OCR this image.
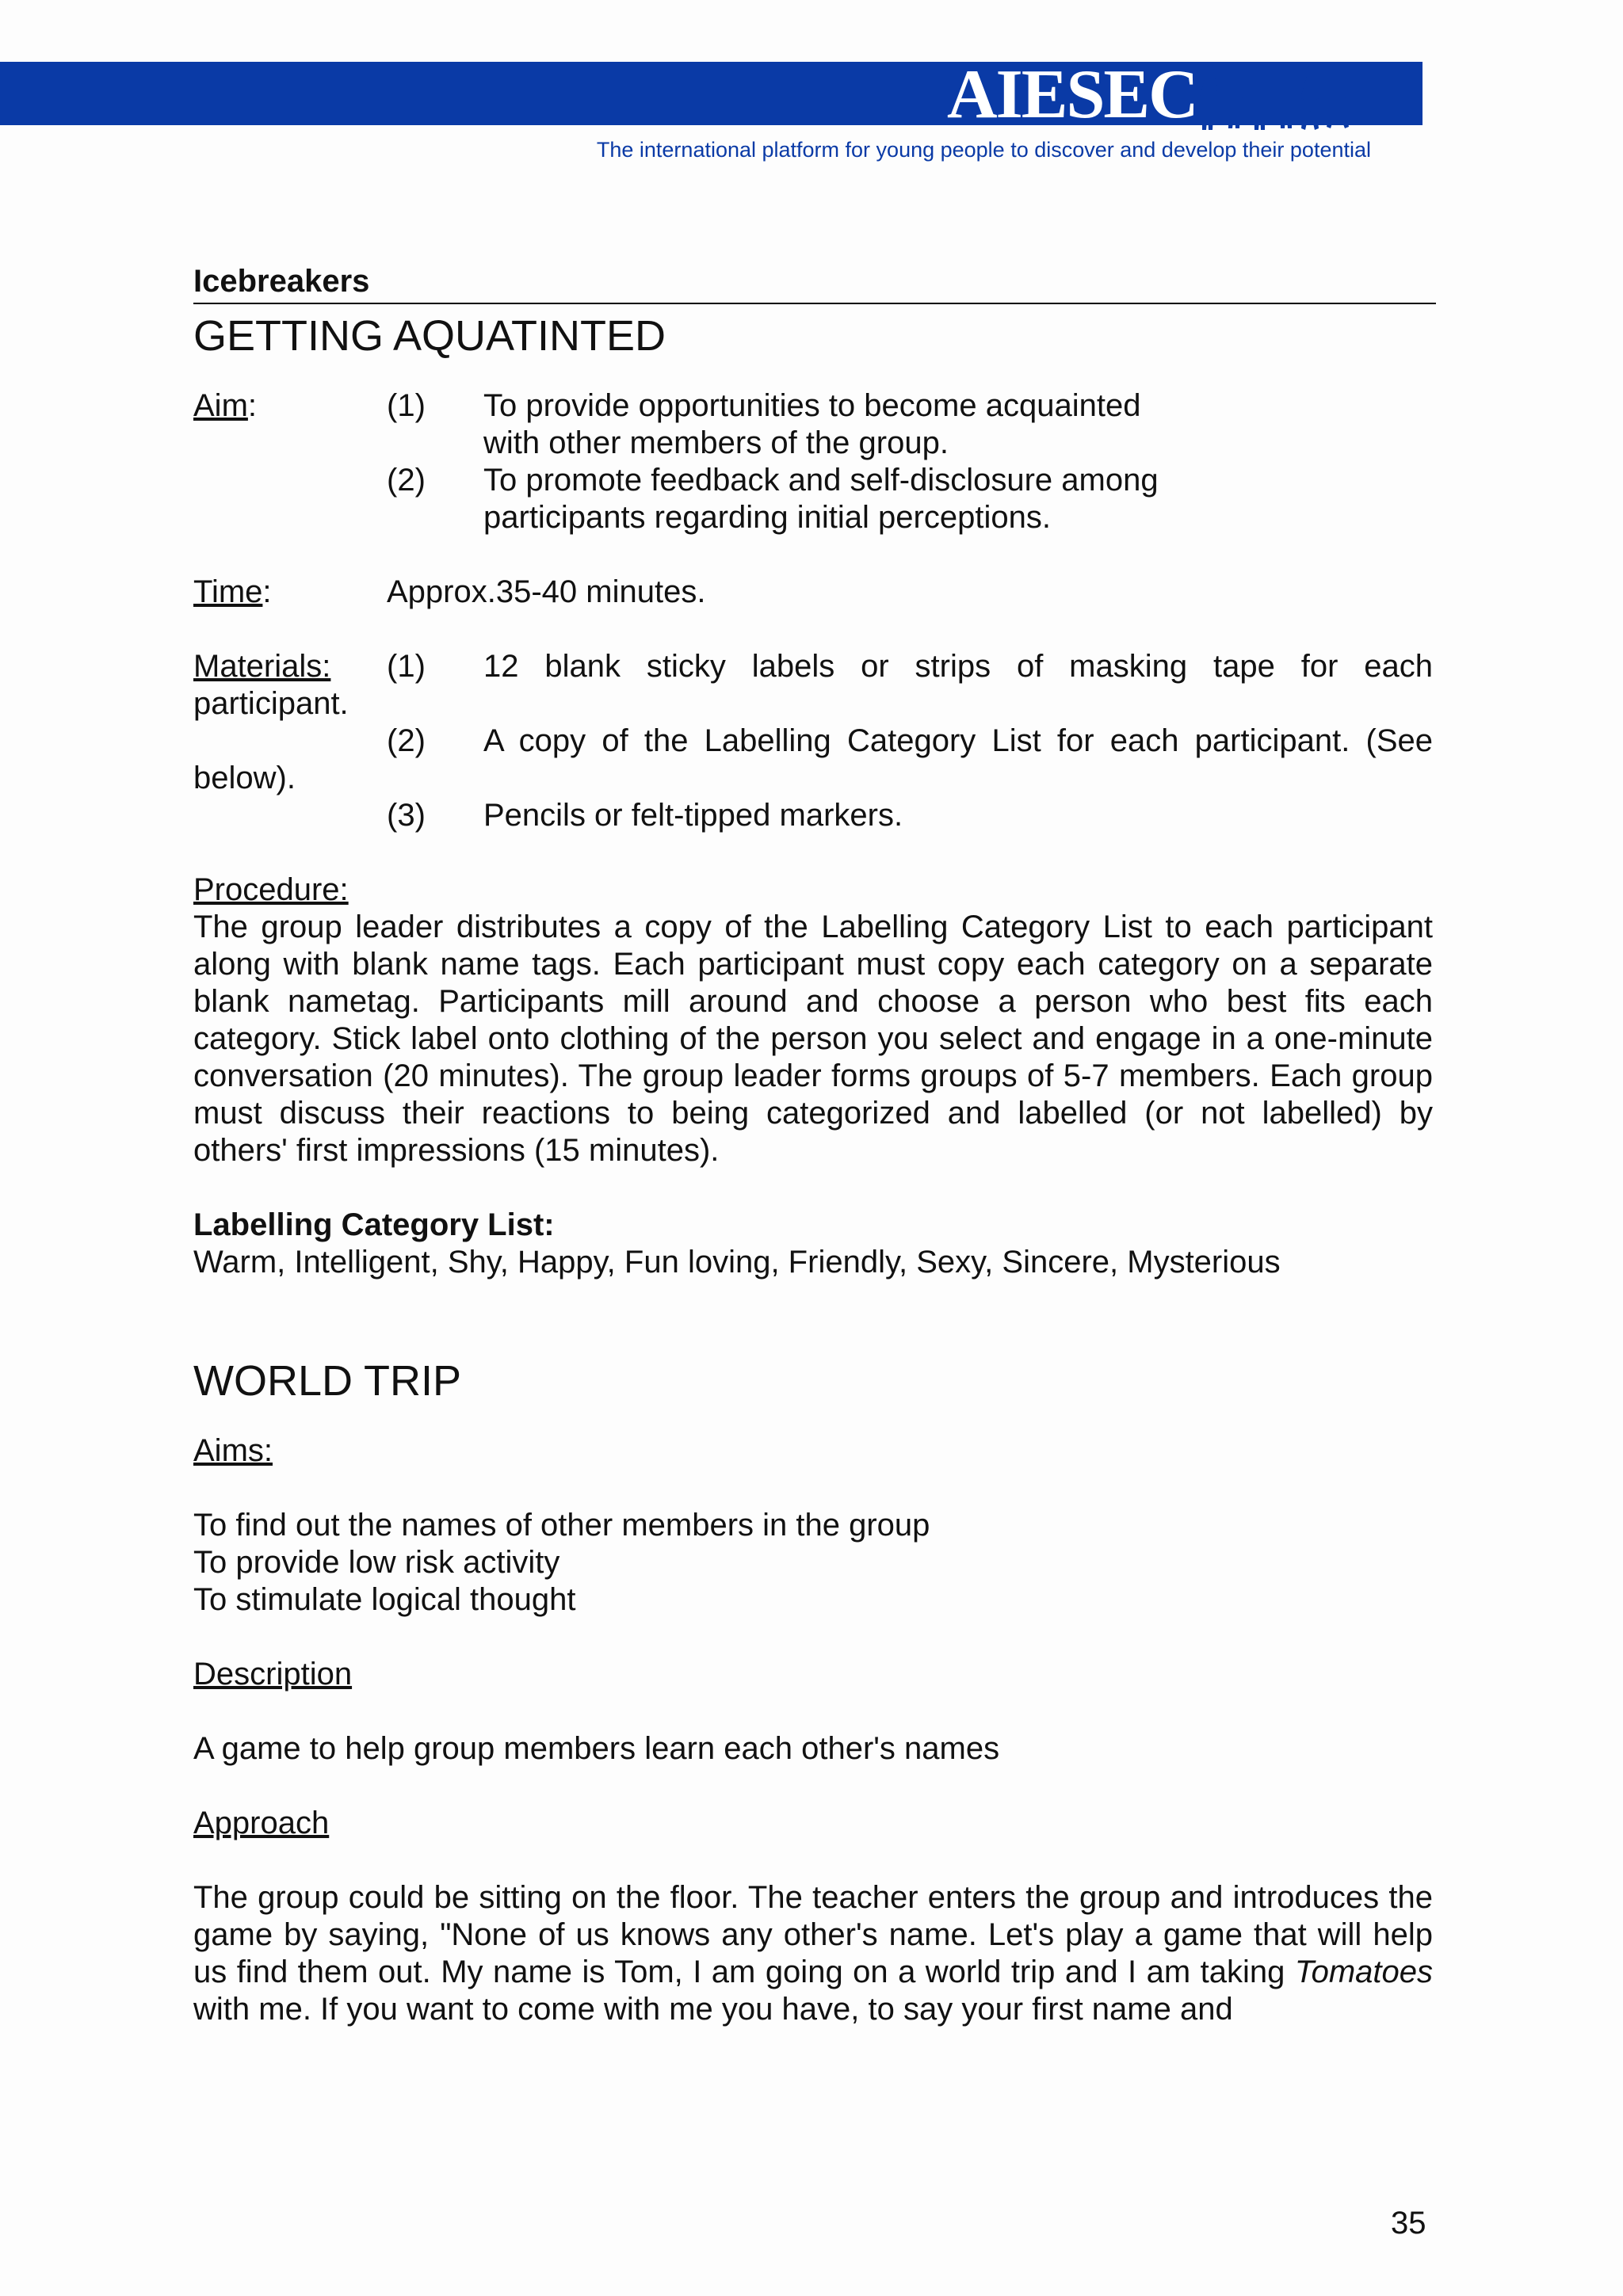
AIESEC
The international platform for young people to discover and develop their potential
Icebreakers
GETTING AQUATINTED
Aim:	(1) To provide opportunities to become acquainted
with other members of the group.
(2) To promote feedback and self-disclosure among
participants regarding initial perceptions.
Time:	Approx.35-40 minutes.
Materials: (1) 12 blank sticky labels or strips of masking tape for each
participant.
(2) A copy of the Labelling Category List for each participant. (See
below).
(3) Pencils or felt-tipped markers.
Procedure:

The group leader distributes a copy of the Labelling Category List to each participant along with blank name tags. Each participant must copy each category on a separate blank nametag. Participants mill around and choose a person who best fits each category. Stick label onto clothing of the person you select and engage in a one-minute conversation (20 minutes). The group leader forms groups of 5-7 members. Each group must discuss their reactions to being categorized and labelled (or not labelled) by others' first impressions (15 minutes).

Labelling Category List:
Warm, Intelligent, Shy, Happy, Fun loving, Friendly, Sexy, Sincere, Mysterious
WORLD TRIP
Aims:
To find out the names of other members in the group
To provide low risk activity
To stimulate logical thought
Description
A game to help group members learn each other's names
Approach

The group could be sitting on the floor. The teacher enters the group and introduces the game by saying, "None of us knows any other's name. Let's play a game that will help us find them out. My name is Tom, I am going on a world trip and I am taking Tomatoes with me. If you want to come with me you have, to say your first name and

35
